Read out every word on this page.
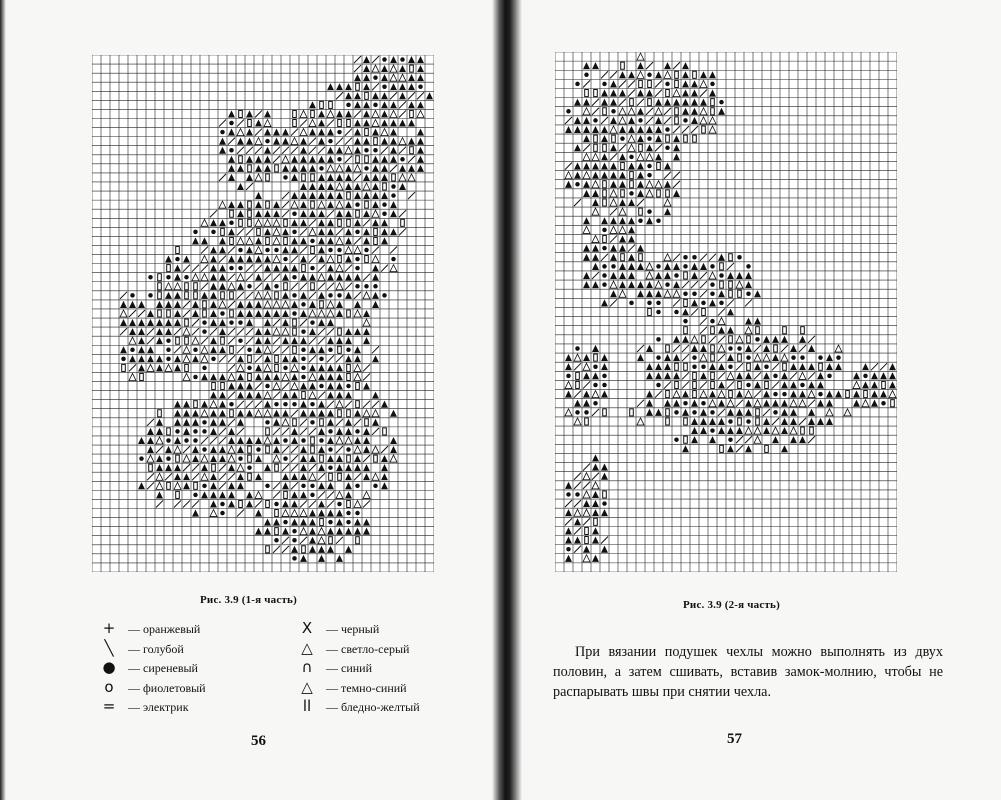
Рис. 3.9 (1-я часть)
+ — оранжевый
╲ — голубой
● — сиреневый
o — фиолетовый
= — электрик
X — черный
△ — светло-серый
∩ — синий
△ — темно-синий
ll — бледно-желтый
56
Рис. 3.9 (2-я часть)
При вязании подушек чехлы можно выполнять из двух половин, а затем сшивать, вставив замок-молнию, чтобы не распарывать швы при снятии чехла.
57
